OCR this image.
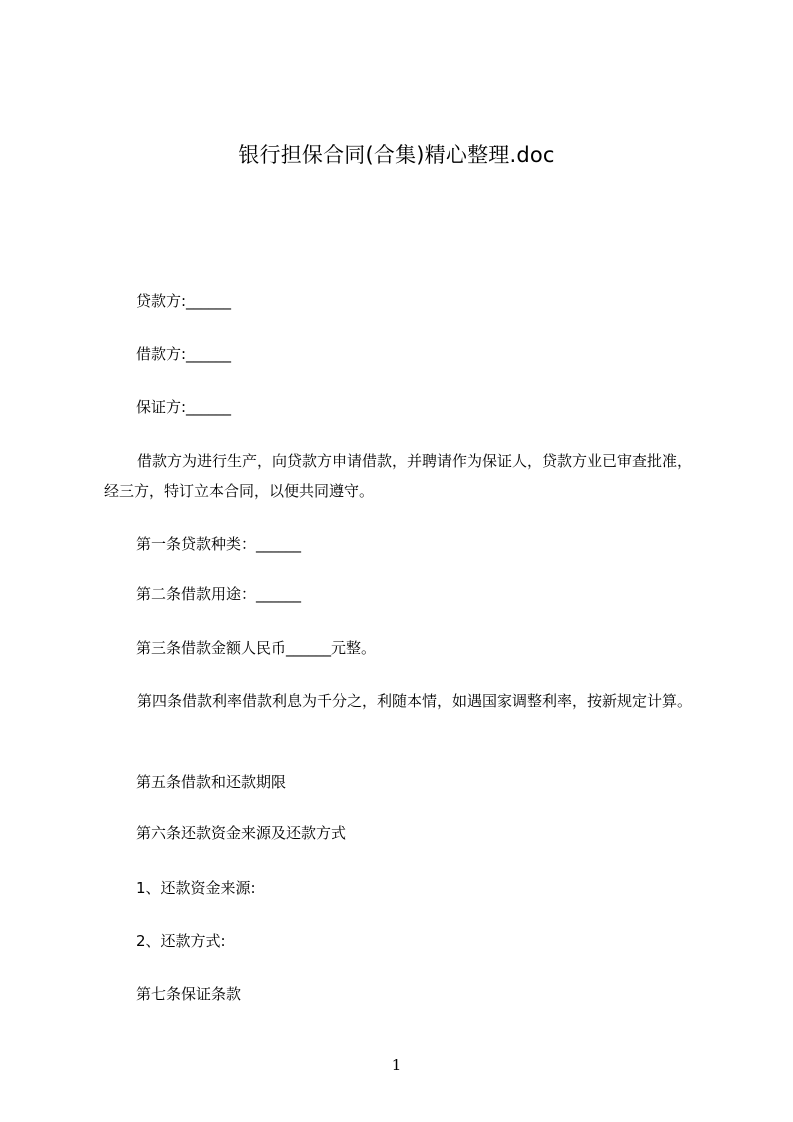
银行担保合同(合集)精心整理.doc

贷款方:______

借款方:______

保证方:______

借款方为进行生产，向贷款方申请借款，并聘请作为保证人，贷款方业已审查批准，经三方，特订立本合同，以便共同遵守。

第一条贷款种类：______

第二条借款用途：______

第三条借款金额人民币______元整。

第四条借款利率借款利息为千分之，利随本情，如遇国家调整利率，按新规定计算。

第五条借款和还款期限

第六条还款资金来源及还款方式

1、还款资金来源:

2、还款方式:

第七条保证条款

1
